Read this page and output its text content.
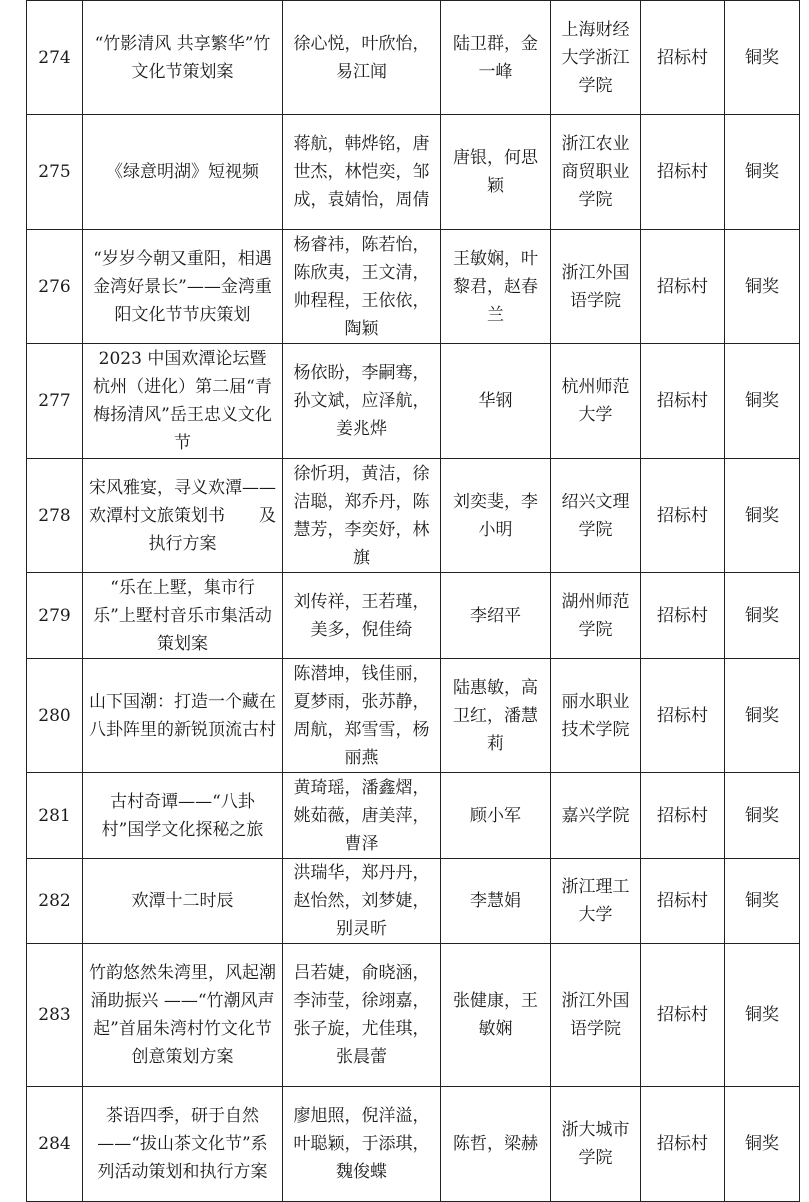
274	“竹影清风 共享繁华”竹文化节策划案	徐心悦，叶欣怡，易江闻	陆卫群，金一峰	上海财经大学浙江学院	招标村	铜奖

275	《绿意明湖》短视频	蒋航，韩烨铭，唐世杰，林恺奕，邹成，袁婧怡，周倩	唐银，何思颖	浙江农业商贸职业学院	招标村	铜奖

276	“岁岁今朝又重阳，相遇金湾好景长”——金湾重阳文化节节庆策划	杨睿祎，陈若怡，陈欣夷，王文清，帅程程，王依依，陶颖	王敏娴，叶黎君，赵春兰	浙江外国语学院	招标村	铜奖

277	2023 中国欢潭论坛暨 杭州（进化）第二届“青梅扬清风”岳王忠义文化节	杨依盼，李嗣骞，孙文斌，应泽航，姜兆烨	华钢	杭州师范大学	招标村	铜奖

278	宋风雅宴，寻义欢潭——欢潭村文旅策划书　　及执行方案	徐忻玥，黄洁，徐洁聪，郑乔丹，陈慧芳，李奕妤，林旗	刘奕斐，李小明	绍兴文理学院	招标村	铜奖

279	“乐在上墅，集市行乐”上墅村音乐市集活动策划案	刘传祥，王若瑾，美多，倪佳绮	李绍平	湖州师范学院	招标村	铜奖

280	山下国潮：打造一个藏在八卦阵里的新锐顶流古村	陈潜坤，钱佳丽，夏梦雨，张苏静，周航，郑雪雪，杨丽燕	陆惠敏，高卫红，潘慧莉	丽水职业技术学院	招标村	铜奖

281	古村奇谭——“八卦村”国学文化探秘之旅	黄琦瑶，潘鑫熠，姚茹薇，唐美萍，曹泽	顾小军	嘉兴学院	招标村	铜奖

282	欢潭十二时辰	洪瑞华，郑丹丹，赵怡然，刘梦婕，别灵昕	李慧娟	浙江理工大学	招标村	铜奖

283	竹韵悠然朱湾里，风起潮涌助振兴 ——“竹潮风声起”首届朱湾村竹文化节创意策划方案	吕若婕，俞晓涵，李沛莹，徐翊嘉，张子旋，尤佳琪，张晨蕾	张健康，王敏娴	浙江外国语学院	招标村	铜奖

284	茶语四季，研于自然——“拔山茶文化节”系列活动策划和执行方案	廖旭照，倪洋溢，叶聪颖，于添琪，魏俊蝶	陈哲，梁赫	浙大城市学院	招标村	铜奖
